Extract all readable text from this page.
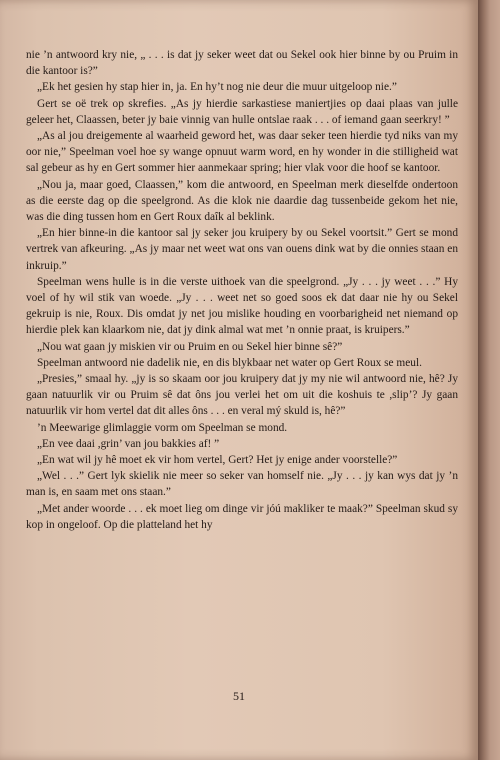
nie ’n antwoord kry nie, „ . . . is dat jy seker weet dat ou Sekel ook hier binne by ou Pruim in die kantoor is?”

„Ek het gesien hy stap hier in, ja. En hy’t nog nie deur die muur uitgeloop nie.”

Gert se oë trek op skrefies. „As jy hierdie sarkastiese maniertjies op daai plaas van julle geleer het, Claassen, beter jy baie vinnig van hulle ontslae raak . . . of iemand gaan seerkry! ”

„As al jou dreigemente al waarheid geword het, was daar seker teen hierdie tyd niks van my oor nie,” Speelman voel hoe sy wange opnuut warm word, en hy wonder in die stilligheid wat sal gebeur as hy en Gert sommer hier aanmekaar spring; hier vlak voor die hoof se kantoor.

„Nou ja, maar goed, Claassen,” kom die antwoord, en Speelman merk dieselfde ondertoon as die eerste dag op die speelgrond. As die klok nie daardie dag tussenbeide gekom het nie, was die ding tussen hom en Gert Roux daîk al beklink.

„En hier binne-in die kantoor sal jy seker jou kruipery by ou Sekel voortsit.” Gert se mond vertrek van afkeuring. „As jy maar net weet wat ons van ouens dink wat by die onnies staan en inkruip.”

Speelman wens hulle is in die verste uithoek van die speelgrond. „Jy . . . jy weet . . .” Hy voel of hy wil stik van woede. „Jy . . . weet net so goed soos ek dat daar nie hy ou Sekel gekruip is nie, Roux. Dis omdat jy net jou mislike houding en voorbarigheid net niemand op hierdie plek kan klaarkom nie, dat jy dink almal wat met ’n onnie praat, is kruipers.”

„Nou wat gaan jy miskien vir ou Pruim en ou Sekel hier binne sê?”

Speelman antwoord nie dadelik nie, en dis blykbaar net water op Gert Roux se meul.

„Presies,” smaal hy. „jy is so skaam oor jou kruipery dat jy my nie wil antwoord nie, hê? Jy gaan natuurlik vir ou Pruim sê dat ôns jou verlei het om uit die koshuis te ,slip’? Jy gaan natuurlik vir hom vertel dat dit alles ôns . . . en veral mý skuld is, hê?”

’n Meewarige glimlaggie vorm om Speelman se mond.

„En vee daai ,grin’ van jou bakkies af! ”

„En wat wil jy hê moet ek vir hom vertel, Gert? Het jy enige ander voorstelle?”

„Wel . . .” Gert lyk skielik nie meer so seker van homself nie. „Jy . . . jy kan wys dat jy ’n man is, en saam met ons staan.”

„Met ander woorde . . . ek moet lieg om dinge vir jóú makliker te maak?” Speelman skud sy kop in ongeloof. Op die platteland het hy

51
